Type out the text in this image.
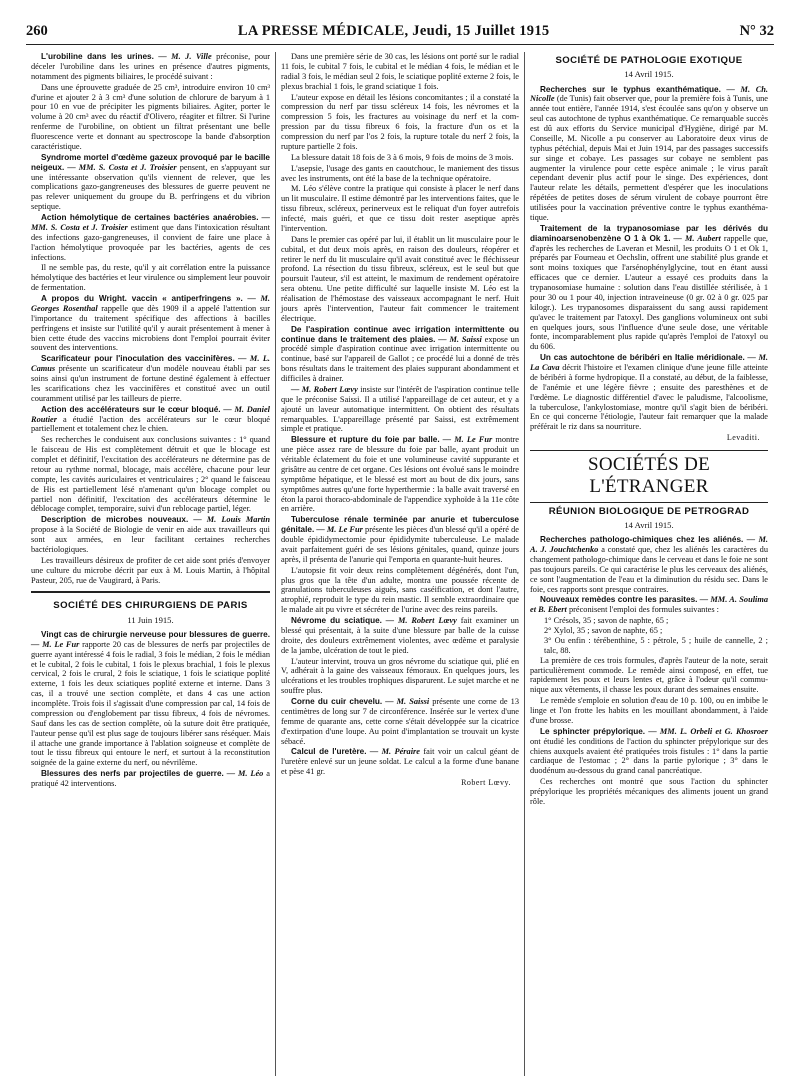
260	LA PRESSE MÉDICALE, Jeudi, 15 Juillet 1915	N° 32

L'urobiline dans les urines. — M. J. Ville préconise, pour déceler l'urobiline dans les urines en présence d'autres pigments, notamment des pigments biliaires, le procédé suivant :

Dans une éprouvette graduée de 25 cm³, introduire environ 10 cm³ d'urine et ajouter 2 à 3 cm³ d'une solution de chlorure de baryum à 1 pour 10 en vue de précipiter les pigments biliaires. Agiter, porter le volume à 20 cm³ avec du réactif d'Olivero, réagiter et filtrer. Si l'urine renferme de l'urobiline, on obtient un filtrat présentant une belle fluorescence verte et donnant au spectroscope la bande d'absorption caractéristique.

Syndrome mortel d'œdème gazeux provoqué par le bacille neigeux. — MM. S. Costa et J. Troisier pensent, en s'appuyant sur une intéressante observation qu'ils viennent de relever, que les complications gazo-gangreneuses des blessures de guerre peuvent ne pas relever uniquement du groupe du B. perfringens et du vibrion septique.

Action hémolytique de certaines bactéries anaérobies. — MM. S. Costa et J. Troisier estiment que dans l'intoxication résultant des infections gazo-gangreneuses, il convient de faire une place à l'action hémolytique provoquée par les bactéries, agents de ces infections.

Il ne semble pas, du reste, qu'il y ait corrélation entre la puissance hémolytique des bactéries et leur virulence ou simplement leur pouvoir de fermentation.

A propos du Wright. vaccin « antiperfringens ». — M. Georges Rosenthal rappelle que dès 1909 il a appelé l'attention sur l'importance du traitement spécifique des affections à bacilles perfringens et insiste sur l'utilité qu'il y aurait présentement à mener à bien cette étude des vaccins microbiens dont l'emploi pourrait éviter souvent des interventions.

Scarificateur pour l'inoculation des vaccinifères. — M. L. Camus présente un scarificateur d'un modèle nouveau établi par ses soins ainsi qu'un instrument de fortune destiné également à effectuer les scarifications chez les vaccinifères et constitué avec un outil couramment utilisé par les tailleurs de pierre.

Action des accélérateurs sur le cœur bloqué. — M. Daniel Routier a étudié l'action des accélérateurs sur le cœur bloqué partiellement et totalement chez le chien.

Ses recherches le conduisent aux conclusions suivantes : 1° quand le faisceau de His est complètement détruit et que le blocage est complet et définitif, l'excitation des accélérateurs ne détermine pas de retour au rythme normal, blocage, mais accélère, chacune pour leur compte, les cavités auriculaires et ventriculaires ; 2° quand le faisceau de His est partiellement lésé n'amenant qu'un blocage complet ou partiel non définitif, l'excitation des accélérateurs détermine le déblocage complet, temporaire, suivi d'un reblocage partiel, léger.

Description de microbes nouveaux. — M. Louis Martin propose à la Société de Biologie de venir en aide aux travailleurs qui sont aux armées, en leur facilitant certaines recherches bactériologiques.

Les travailleurs désireux de profiter de cet aide sont priés d'envoyer une culture du microbe décrit par eux à M. Louis Martin, à l'hôpital Pasteur, 205, rue de Vaugirard, à Paris.

SOCIÉTÉ DES CHIRURGIENS DE PARIS

11 Juin 1915.

Vingt cas de chirurgie nerveuse pour blessures de guerre. — M. Le Fur rapporte 20 cas de blessures de nerfs par projectiles de guerre ayant intéressé 4 fois le radial, 3 fois le médian, 2 fois le médian et le cubital, 2 fois le cubital, 1 fois le plexus brachial, 1 fois le plexus cervical, 2 fois le crural, 2 fois le sciatique, 1 fois le sciatique poplité externe, 1 fois les deux sciatiques poplité externe et interne. Dans 3 cas, il a trouvé une section complète, et dans 4 cas une action incomplète. Trois fois il s'agissait d'une compression par cal, 14 fois de compression ou d'englobement par tissu fibreux, 4 fois de névromes. Sauf dans les cas de section complète, où la suture doit être pratiquée, l'auteur pense qu'il est plus sage de toujours libérer sans réséquer. Mais il attache une grande importance à l'ablation soigneuse et complète de tout le tissu fibreux qui entoure le nerf, et surtout à la reconstitution soignée de la gaine externe du nerf, ou névrilème.

Blessures des nerfs par projectiles de guerre. — M. Léo a pratiqué 42 interventions.

Dans une première série de 30 cas, les lésions ont porté sur le radial 11 fois, le cubital 7 fois, le cubital et le médian 4 fois, le médian et le radial 3 fois, le médian seul 2 fois, le sciatique poplité externe 2 fois, le plexus brachial 1 fois, le grand sciatique 1 fois.

L'auteur expose en détail les lésions concomitantes ; il a constaté la compression du nerf par tissu scléreux 14 fois, les névromes et la compression 5 fois, les fractures au voisinage du nerf et la compression par du tissu fibreux 6 fois, la fracture d'un os et la compression du nerf par l'os 2 fois, la rupture totale du nerf 2 fois, la rupture partielle 2 fois.

La blessure datait 18 fois de 3 à 6 mois, 9 fois de moins de 3 mois.

L'asepsie, l'usage des gants en caoutchouc, le maniement des tissus avec les instruments, ont été la base de la technique opératoire.

M. Léo s'élève contre la pratique qui consiste à placer le nerf dans un lit musculaire. Il estime démontré par les interventions faites, que le tissu fibreux, scléreux, perinerveux est le reliquat d'un foyer autrefois infecté, mais guéri, et que ce tissu doit rester aseptique après l'intervention.

Dans le premier cas opéré par lui, il établit un lit musculaire pour le cubital, et dut deux mois après, en raison des douleurs, réopérer et retirer le nerf du lit musculaire qu'il avait constitué avec le fléchisseur profond. La résection du tissu fibreux, scléreux, est le seul but que poursuit l'auteur, s'il est atteint, le maximum de rendement opératoire sera obtenu. Une petite difficulté sur laquelle insiste M. Léo est la réalisation de l'hémostase des vaisseaux accompagnant le nerf. Huit jours après l'intervention, l'auteur fait commencer le traitement électrique.

De l'aspiration continue avec irrigation intermittente ou continue dans le traitement des plaies. — M. Saissi expose un procédé simple d'aspiration continue avec irrigation intermittente ou continue, basé sur l'appareil de Gallot ; ce procédé lui a donné de très bons résultats dans le traitement des plaies suppurant abondamment et difficiles à drainer.

— M. Robert Lœvy insiste sur l'intérêt de l'aspiration continue telle que le préconise Saissi. Il a utilisé l'appareillage de cet auteur, et y a ajouté un laveur automatique intermittent. On obtient des résultats remarquables. L'appareillage présenté par Saissi, est extrêmement simple et pratique.

Blessure et rupture du foie par balle. — M. Le Fur montre une pièce assez rare de blessure du foie par balle, ayant produit un véritable éclatement du foie et une volumineuse cavité suppurante et grisâtre au centre de cet organe. Ces lésions ont évolué sans le moindre symptôme hépatique, et le blessé est mort au bout de dix jours, sans symptômes autres qu'une forte hyperthermie : la balle avait traversé en éton la paroi thoraco-abdominale de l'appendice xyphoïde à la 11e côte en arrière.

Tuberculose rénale terminée par anurie et tuberculose génitale. — M. Le Fur présente les pièces d'un blessé qu'il a opéré de double épididymectomie pour épididymite tuberculeuse. Le malade avait parfaitement guéri de ses lésions génitales, quand, quinze jours après, il présenta de l'anurie qui l'emporta en quarante-huit heures.

L'autopsie fit voir deux reins complètement dégénérés, dont l'un, plus gros que la tête d'un adulte, montra une poussée récente de granulations tuberculeuses aiguës, sans caséification, et dont l'autre, atrophié, reproduit le type du rein mastic. Il semble extraordinaire que le malade ait pu vivre et sécréter de l'urine avec des reins pareils.

Névrome du sciatique. — M. Robert Lœvy fait examiner un blessé qui présentait, à la suite d'une blessure par balle de la cuisse droite, des douleurs extrêmement violentes, avec œdème et paralysie de la jambe, ulcération de tout le pied.

L'auteur intervint, trouva un gros névrome du sciatique qui, plié en V, adhérait à la gaine des vaisseaux fémoraux. En quelques jours, les ulcérations et les troubles trophiques disparurent. Le sujet marche et ne souffre plus.

Corne du cuir chevelu. — M. Saissi présente une corne de 13 centimètres de long sur 7 de circonférence. Insérée sur le vertex d'une femme de quarante ans, cette corne s'était développée sur la cicatrice d'extirpation d'une loupe. Au point d'implantation se trouvait un kyste sébacé.

Calcul de l'uretère. — M. Péraire fait voir un calcul géant de l'uretère enlevé sur un jeune soldat. Le calcul a la forme d'une banane et pèse 41 gr.

Robert Lœvy.

SOCIÉTÉ DE PATHOLOGIE EXOTIQUE

14 Avril 1915.

Recherches sur le typhus exanthématique. — M. Ch. Nicolle (de Tunis) fait observer que, pour la première fois à Tunis, une année tout entière, l'année 1914, s'est écoulée sans qu'on y observe un seul cas autochtone de typhus exanthématique. Ce remarquable succès est dû aux efforts du Service municipal d'Hygiène, dirigé par M. Conseille, M. Nicolle a pu conserver au Laboratoire deux virus de typhus pétéchial, depuis Mai et Juin 1914, par des passages successifs sur singe et cobaye. Les passages sur cobaye ne semblent pas augmenter la virulence pour cette espèce animale ; le virus paraît cependant devenir plus actif pour le singe. Des expériences, dont l'auteur relate les détails, permettent d'espérer que les inoculations répétées de petites doses de sérum virulent de cobaye pourront être utilisées pour la vaccination préventive contre le typhus exanthématique.

Traitement de la trypanosomiase par les dérivés du diaminoarsenobenzène O 1 à Ok 1. — M. Aubert rappelle que, d'après les recherches de Laveran et Mesnil, les produits O 1 et Ok 1, préparés par Fourneau et Oechslin, offrent une stabilité plus grande et sont moins toxiques que l'arsénophénylglycine, tout en étant aussi efficaces que ce dernier. L'auteur a essayé ces produits dans la trypanosomiase humaine : solution dans l'eau distillée stérilisée, à 1 pour 30 ou 1 pour 40, injection intraveineuse (0 gr. 02 à 0 gr. 025 par kilogr.). Les trypanosomes disparaissent du sang aussi rapidement qu'avec le traitement par l'atoxyl. Des ganglions volumineux ont subi en quelques jours, sous l'influence d'une seule dose, une véritable fonte, incomparablement plus rapide qu'après l'emploi de l'atoxyl ou du 606.

Un cas autochtone de béribéri en Italie méridionale. — M. La Cava décrit l'histoire et l'examen clinique d'une jeune fille atteinte de béribéri à forme hydropique. Il a constaté, au début, de la faiblesse, de l'anémie et une légère fièvre ; ensuite des paresthènes et de l'œdème. Le diagnostic différentiel d'avec le paludisme, l'alcoolisme, la tuberculose, l'ankylostomiase, montre qu'il s'agit bien de béribéri. En ce qui concerne l'étiologie, l'auteur fait remarquer que la malade préférait le riz dans sa nourriture.

Levaditi.

SOCIÉTÉS DE L'ÉTRANGER

RÉUNION BIOLOGIQUE DE PETROGRAD

14 Avril 1915.

Recherches pathologo-chimiques chez les aliénés. — M. A. J. Jouchtchenko a constaté que, chez les aliénés les caractères du changement pathologo-chimique dans le cerveau et dans le foie ne sont pas toujours pareils. Ce qui caractérise le plus les cerveaux des aliénés, ce sont l'augmentation de l'eau et la diminution du résidu sec. Dans le foie, ces rapports sont presque contraires.

Nouveaux remèdes contre les parasites. — MM. A. Soulima et B. Ebert préconisent l'emploi des formules suivantes :

1° Crésols, 35 ; savon de naphte, 65 ;

2° Xylol, 35 ; savon de naphte, 65 ;

3° Ou enfin : térébenthine, 5 : pétrole, 5 ; huile de cannelle, 2 ; talc, 88.

La première de ces trois formules, d'après l'auteur de la note, serait particulièrement commode. Le remède ainsi composé, en effet, tue rapidement les poux et leurs lentes et, grâce à l'odeur qu'il communique aux vêtements, il chasse les poux durant des semaines ensuite.

Le remède s'emploie en solution d'eau de 10 p. 100, ou en imbibe le linge et l'on frotte les habits en les mouillant abondamment, à l'aide d'une brosse.

Le sphincter prépylorique. — MM. L. Orbeli et G. Khosroer ont étudié les conditions de l'action du sphincter prépylorique sur des chiens auxquels avaient été pratiquées trois fistules : 1° dans la partie cardiaque de l'estomac ; 2° dans la partie pylorique ; 3° dans le duodénum au-dessous du grand canal pancréatique.

Ces recherches ont montré que sous l'action du sphincter prépylorique les propriétés mécaniques des aliments jouent un grand rôle.
